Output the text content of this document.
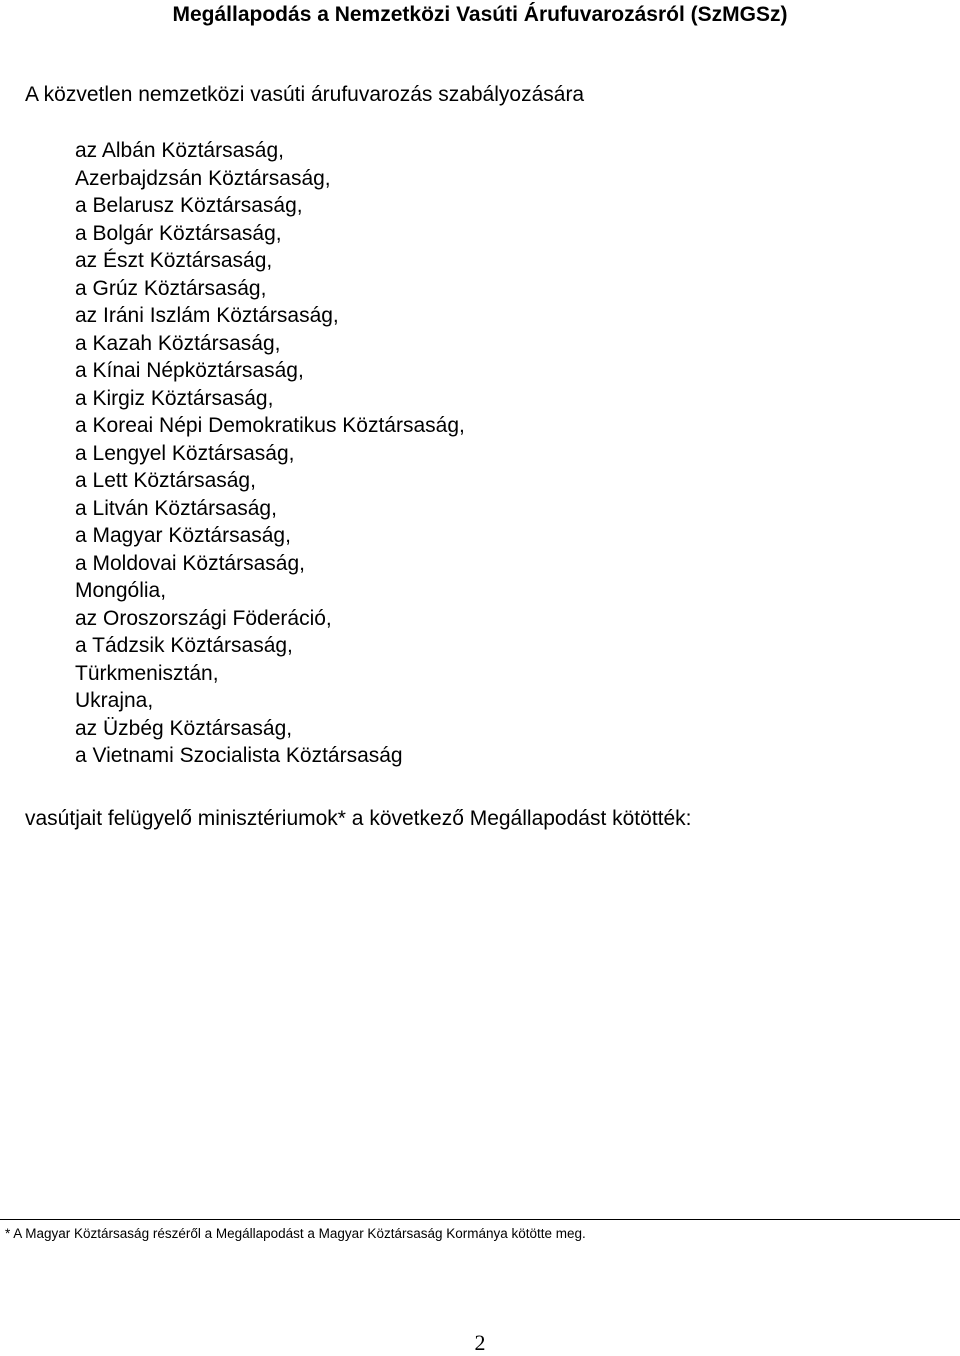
Megállapodás a Nemzetközi Vasúti Árufuvarozásról (SzMGSz)
A közvetlen nemzetközi vasúti árufuvarozás szabályozására
az Albán Köztársaság,
Azerbajdzsán Köztársaság,
a Belarusz Köztársaság,
a Bolgár Köztársaság,
az Észt Köztársaság,
a Grúz Köztársaság,
az Iráni Iszlám Köztársaság,
a Kazah Köztársaság,
a Kínai Népköztársaság,
a Kirgiz Köztársaság,
a Koreai Népi Demokratikus Köztársaság,
a Lengyel Köztársaság,
a Lett Köztársaság,
a Litván Köztársaság,
a Magyar Köztársaság,
a Moldovai Köztársaság,
Mongólia,
az Oroszországi Föderáció,
a Tádzsik Köztársaság,
Türkmenisztán,
Ukrajna,
az Üzbég Köztársaság,
a Vietnami Szocialista Köztársaság
vasútjait felügyelő minisztériumok* a következő Megállapodást kötötték:
* A Magyar Köztársaság részéről a Megállapodást a Magyar Köztársaság Kormánya kötötte meg.
2
